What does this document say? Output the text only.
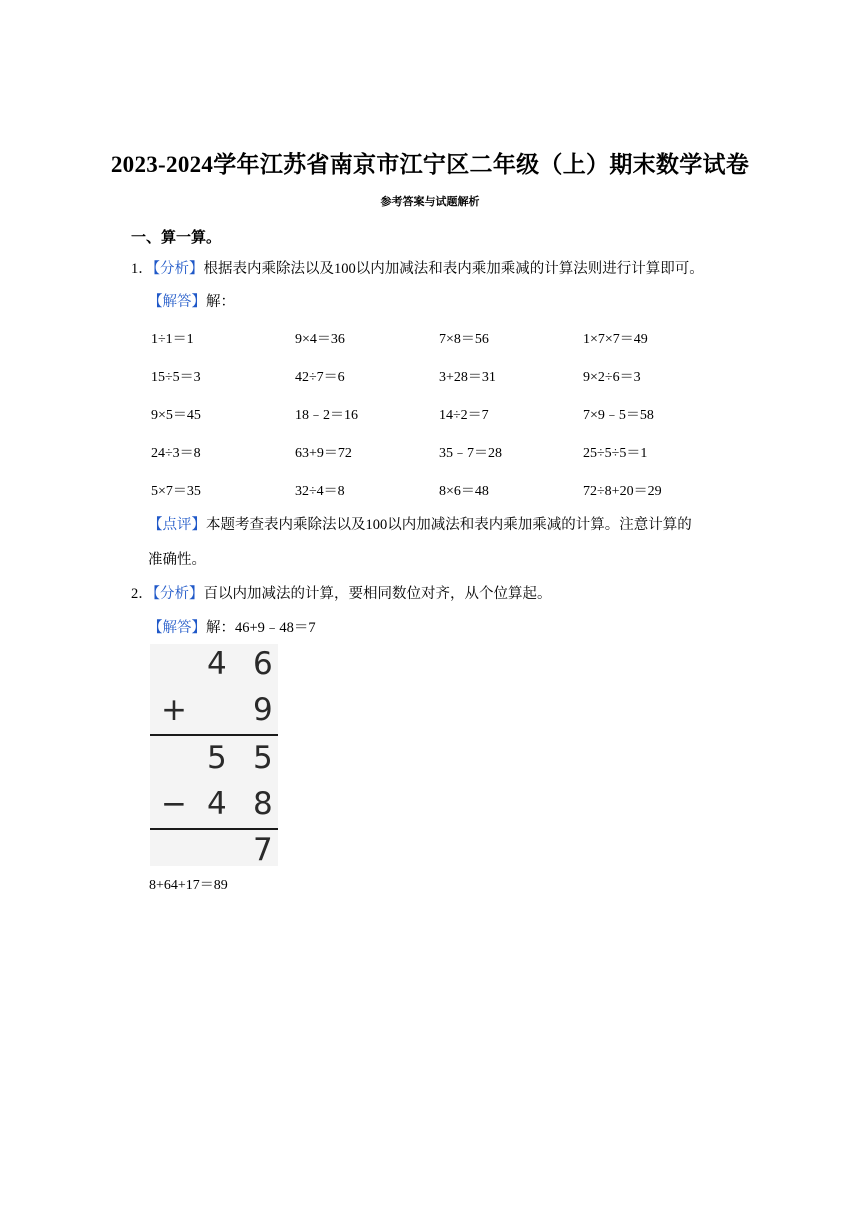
2023-2024学年江苏省南京市江宁区二年级（上）期末数学试卷
参考答案与试题解析
一、算一算。
1．【分析】根据表内乘除法以及100以内加减法和表内乘加乘减的计算法则进行计算即可。
【解答】解：
1÷1＝1	9×4＝36	7×8＝56	1×7×7＝49
15÷5＝3	42÷7＝6	3+28＝31	9×2÷6＝3
9×5＝45	18﹣2＝16	14÷2＝7	7×9﹣5＝58
24÷3＝8	63+9＝72	35﹣7＝28	25÷5÷5＝1
5×7＝35	32÷4＝8	8×6＝48	72÷8+20＝29
【点评】本题考查表内乘除法以及100以内加减法和表内乘加乘减的计算。注意计算的
准确性。
2．【分析】百以内加减法的计算，要相同数位对齐，从个位算起。
【解答】解：46+9﹣48＝7
4 6
+ 9
5 5
− 4 8
7
8+64+17＝89
